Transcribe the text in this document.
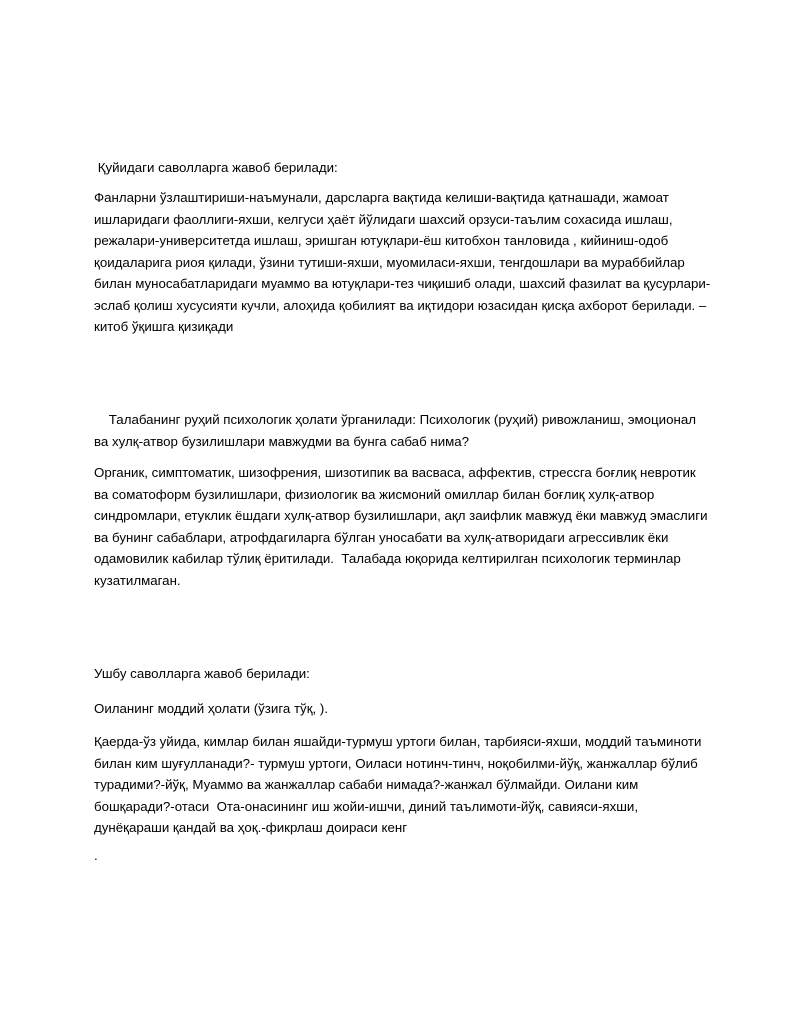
Қуйидаги саволларга жавоб берилади:

Фанларни ўзлаштириши-наъмунали, дарсларга вақтида келиши-вақтида қатнашади, жамоат ишларидаги фаоллиги-яхши, келгуси ҳаёт йўлидаги шахсий орзуси-таълим сохасида ишлаш, режалари-университетда ишлаш, эришган ютуқлари-ёш китобхон танловида , кийиниш-одоб қоидаларига риоя қилади, ўзини тутиши-яхши, муомиласи-яхши, тенгдошлари ва мураббийлар билан муносабатларидаги муаммо ва ютуқлари-тез чиқишиб олади, шахсий фазилат ва қусурлари- эслаб қолиш хусусияти кучли, алоҳида қобилият ва иқтидори юзасидан қисқа ахборот берилади. – китоб ўқишга қизиқади

Талабанинг руҳий психологик ҳолати ўрганилади: Психологик (руҳий) ривожланиш, эмоционал ва хулқ-атвор бузилишлари мавжудми ва бунга сабаб нима?

Органик, симптоматик, шизофрения, шизотипик ва васваса, аффектив, стрессга боғлиқ невротик ва соматоформ бузилишлари, физиологик ва жисмоний омиллар билан боғлиқ хулқ-атвор синдромлари, етуклик ёшдаги хулқ-атвор бузилишлари, ақл заифлик мавжуд ёки мавжуд эмаслиги ва бунинг сабаблари, атрофдагиларга бўлган уносабати ва хулқ-атворидаги агрессивлик ёки одамовилик кабилар тўлиқ ёритилади.  Талабада юқорида келтирилган психологик терминлар кузатилмаган.

Ушбу саволларга жавоб берилади:

Оиланинг моддий ҳолати (ўзига тўқ, ).

Қаерда-ўз уйида, кимлар билан яшайди-турмуш уртоги билан, тарбияси-яхши, моддий таъминоти билан ким шуғулланади?- турмуш уртоги, Оиласи нотинч-тинч, ноқобилми-йўқ, жанжаллар бўлиб турадими?-йўқ, Муаммо ва жанжаллар сабаби нимада?-жанжал бўлмайди. Оилани ким бошқаради?-отаси  Ота-онасининг иш жойи-ишчи, диний таълимоти-йўқ, савияси-яхши, дунёқараши қандай ва ҳоқ.-фикрлаш доираси кенг

.
